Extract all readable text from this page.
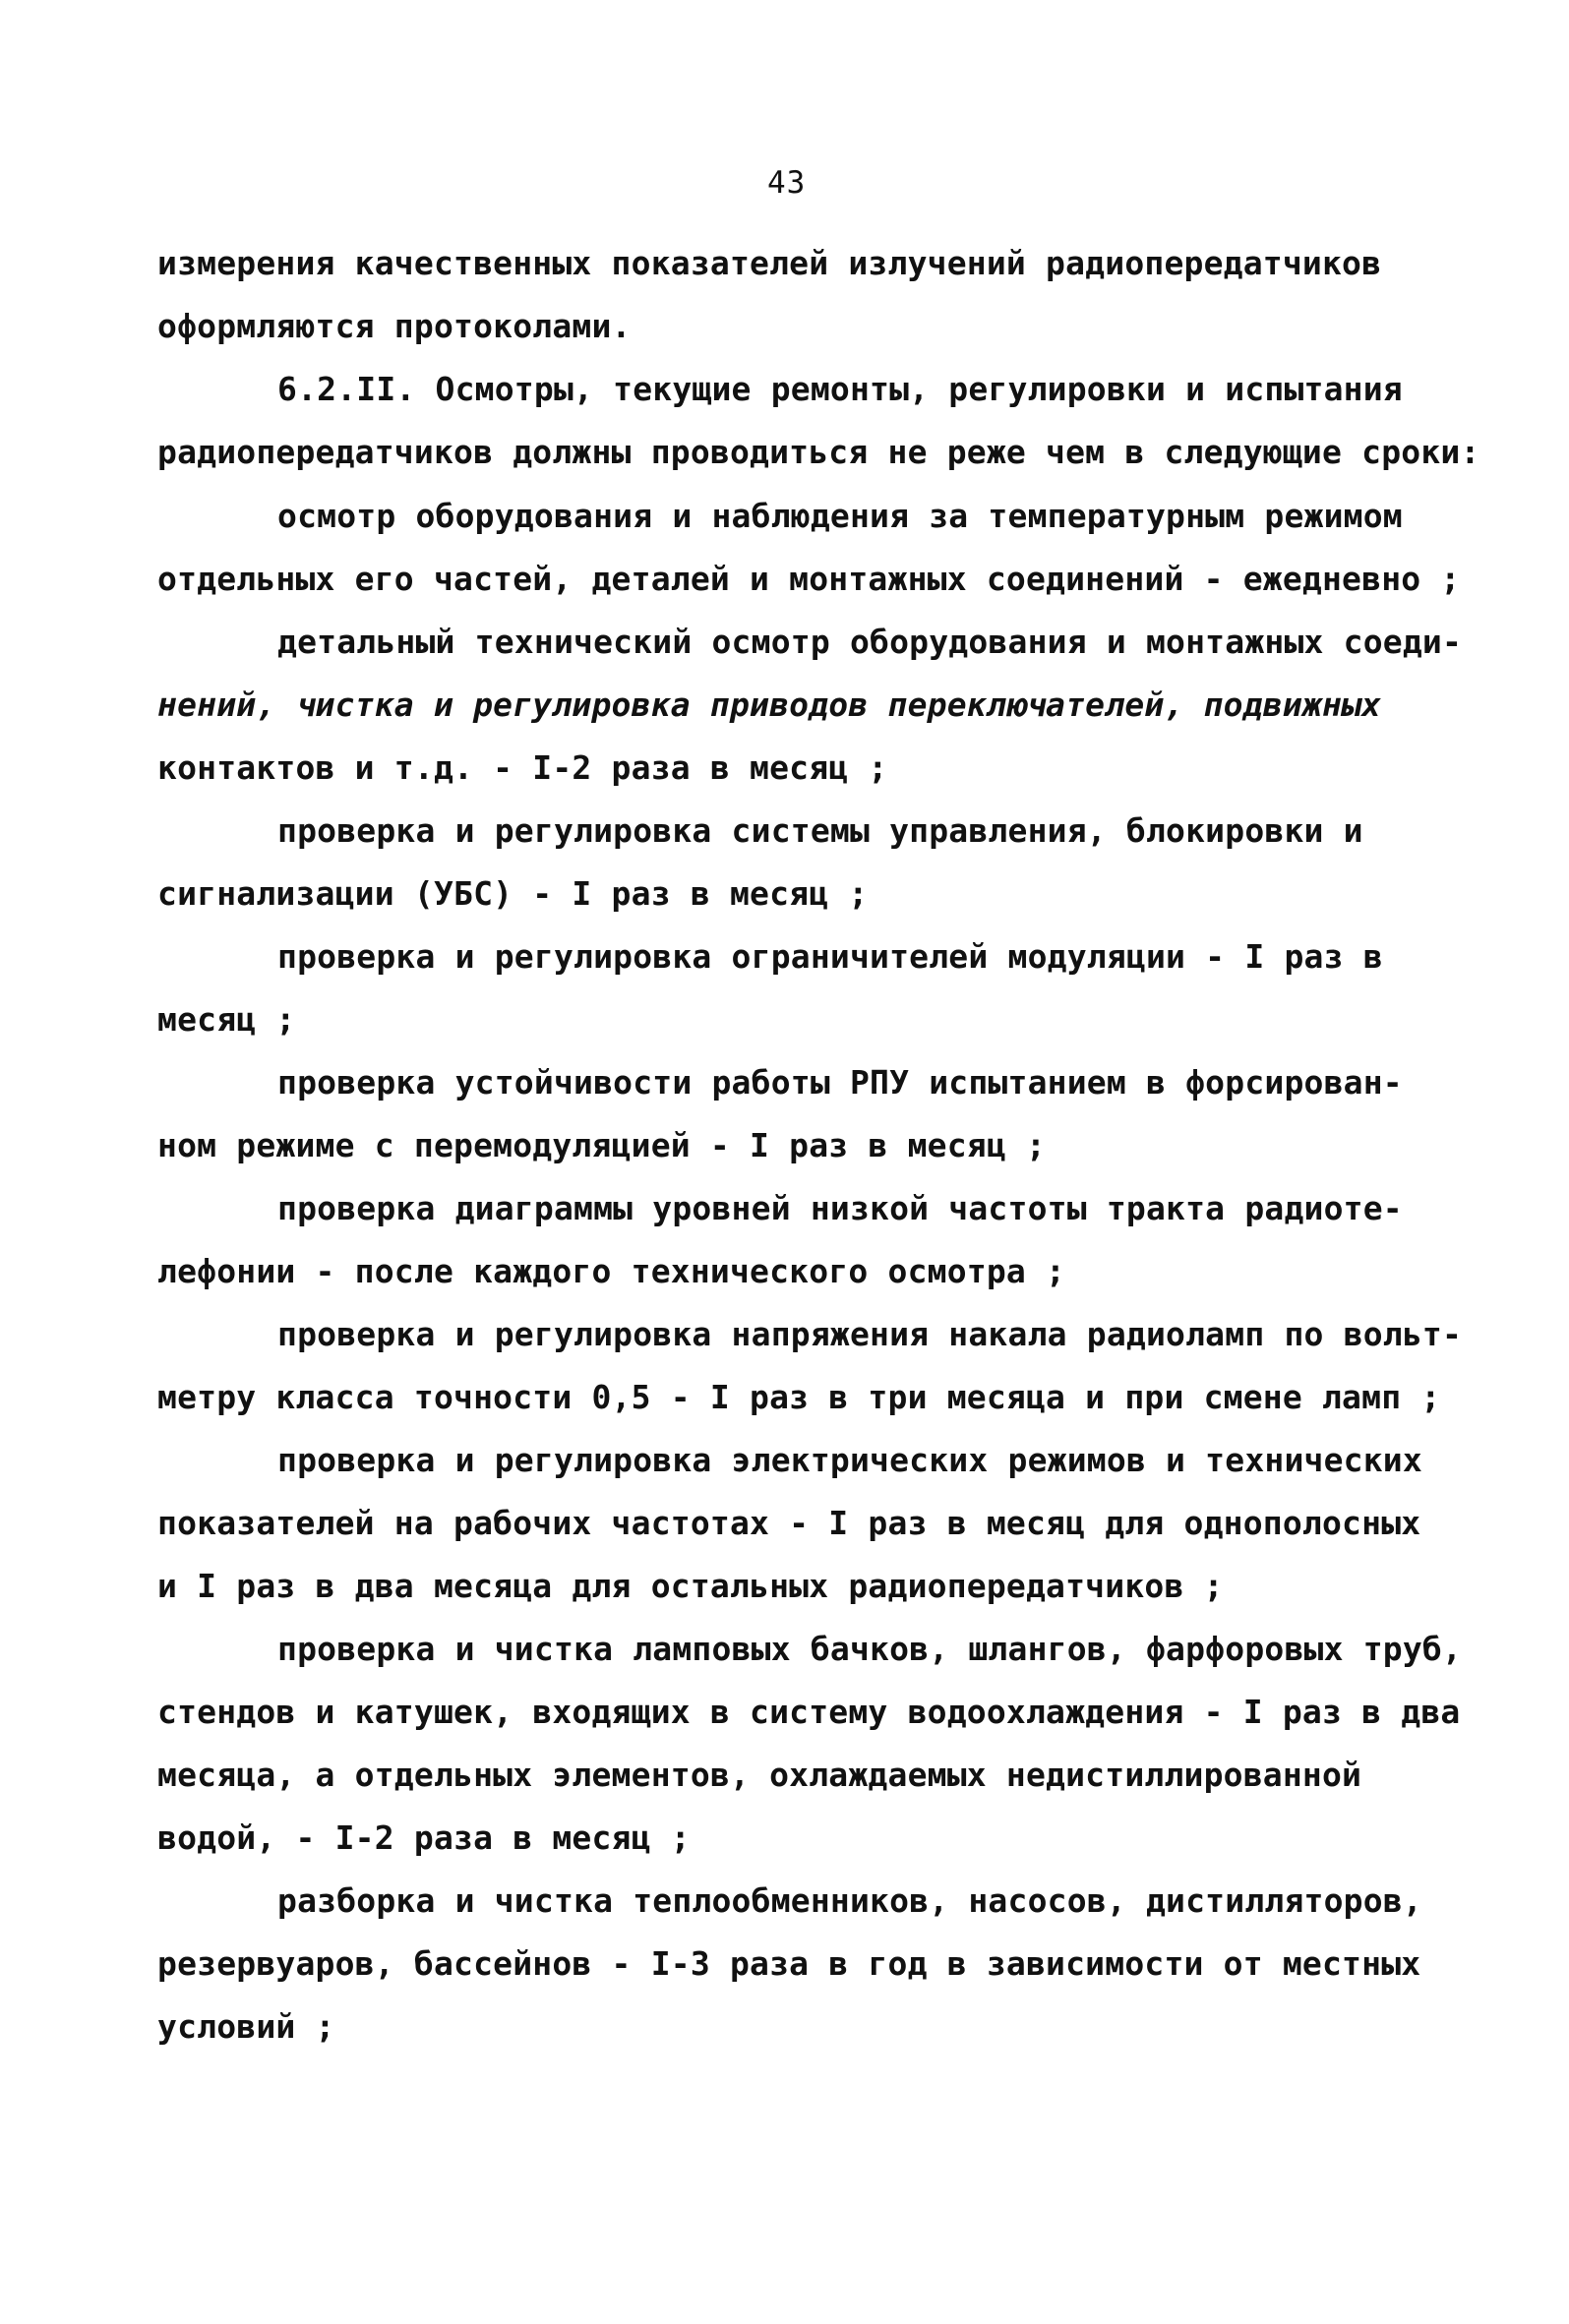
43
измерения качественных показателей излучений радиопередатчиков
оформляются протоколами.
6.2.II. Осмотры, текущие ремонты, регулировки и испытания
радиопередатчиков должны проводиться не реже чем в следующие сроки:
осмотр оборудования и наблюдения за температурным режимом
отдельных его частей, деталей и монтажных соединений - ежедневно ;
детальный технический осмотр оборудования и монтажных соеди-
нений, чистка и регулировка приводов переключателей, подвижных
контактов и т.д. - I-2 раза в месяц ;
проверка и регулировка системы управления, блокировки и
сигнализации (УБС) - I раз в месяц ;
проверка и регулировка ограничителей модуляции - I раз в
месяц ;
проверка устойчивости работы РПУ испытанием в форсирован-
ном режиме с перемодуляцией - I раз в месяц ;
проверка диаграммы уровней низкой частоты тракта радиоте-
лефонии - после каждого технического осмотра ;
проверка и регулировка напряжения накала радиоламп по вольт-
метру класса точности 0,5 - I раз в три месяца и при смене ламп ;
проверка и регулировка электрических режимов и технических
показателей на рабочих частотах - I раз в месяц для однополосных
и I раз в два месяца для остальных радиопередатчиков ;
проверка и чистка ламповых бачков, шлангов, фарфоровых труб,
стендов и катушек, входящих в систему водоохлаждения - I раз в два
месяца, а отдельных элементов, охлаждаемых недистиллированной
водой, - I-2 раза в месяц ;
разборка и чистка теплообменников, насосов, дистилляторов,
резервуаров, бассейнов - I-3 раза в год в зависимости от местных
условий ;
